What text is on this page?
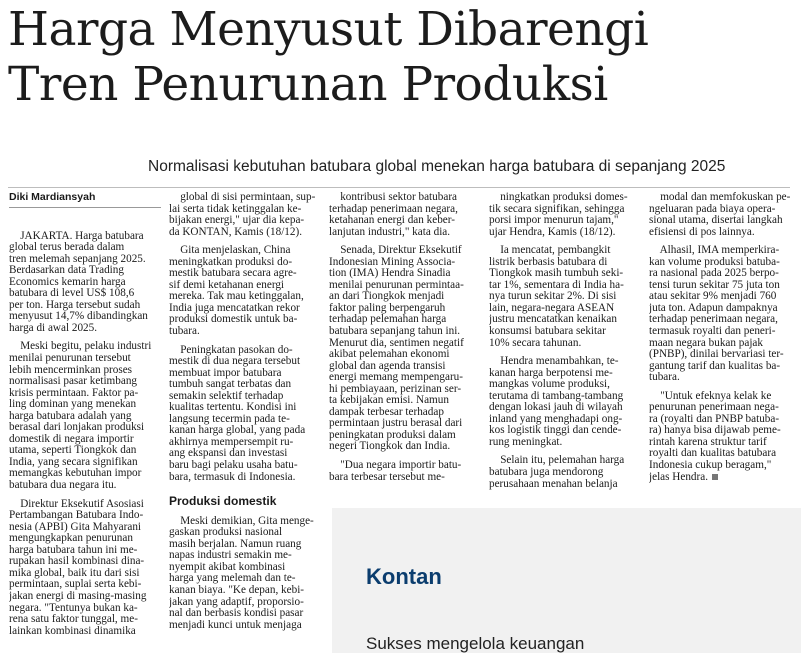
Harga Menyusut Dibarengi
Tren Penurunan Produksi
Normalisasi kebutuhan batubara global menekan harga batubara di sepanjang 2025
Diki Mardiansyah
JAKARTA. Harga batubara
global terus berada dalam
tren melemah sepanjang 2025.
Berdasarkan data Trading
Economics kemarin harga
batubara di level US$ 108,6
per ton. Harga tersebut sudah
menyusut 14,7% dibandingkan
harga di awal 2025.
Meski begitu, pelaku industri
menilai penurunan tersebut
lebih mencerminkan proses
normalisasi pasar ketimbang
krisis permintaan. Faktor pa-
ling dominan yang menekan
harga batubara adalah yang
berasal dari lonjakan produksi
domestik di negara importir
utama, seperti Tiongkok dan
India, yang secara signifikan
memangkas kebutuhan impor
batubara dua negara itu.
Direktur Eksekutif Asosiasi
Pertambangan Batubara Indo-
nesia (APBI) Gita Mahyarani
mengungkapkan penurunan
harga batubara tahun ini me-
rupakan hasil kombinasi dina-
mika global, baik itu dari sisi
permintaan, suplai serta kebi-
jakan energi di masing-masing
negara. "Tentunya bukan ka-
rena satu faktor tunggal, me-
lainkan kombinasi dinamika
global di sisi permintaan, sup-
lai serta tidak ketinggalan ke-
bijakan energi," ujar dia kepa-
da KONTAN, Kamis (18/12).
Gita menjelaskan, China
meningkatkan produksi do-
mestik batubara secara agre-
sif demi ketahanan energi
mereka. Tak mau ketinggalan,
India juga mencatatkan rekor
produksi domestik untuk ba-
tubara.
Peningkatan pasokan do-
mestik di dua negara tersebut
membuat impor batubara
tumbuh sangat terbatas dan
semakin selektif terhadap
kualitas tertentu. Kondisi ini
langsung tecermin pada te-
kanan harga global, yang pada
akhirnya mempersempit ru-
ang ekspansi dan investasi
baru bagi pelaku usaha batu-
bara, termasuk di Indonesia.
Produksi domestik
Meski demikian, Gita menge-
gaskan produksi nasional
masih berjalan. Namun ruang
napas industri semakin me-
nyempit akibat kombinasi
harga yang melemah dan te-
kanan biaya. "Ke depan, kebi-
jakan yang adaptif, proporsio-
nal dan berbasis kondisi pasar
menjadi kunci untuk menjaga
kontribusi sektor batubara
terhadap penerimaan negara,
ketahanan energi dan keber-
lanjutan industri," kata dia.
Senada, Direktur Eksekutif
Indonesian Mining Associa-
tion (IMA) Hendra Sinadia
menilai penurunan permintaa-
an dari Tiongkok menjadi
faktor paling berpengaruh
terhadap pelemahan harga
batubara sepanjang tahun ini.
Menurut dia, sentimen negatif
akibat pelemahan ekonomi
global dan agenda transisi
energi memang mempengaru-
hi pembiayaan, perizinan ser-
ta kebijakan emisi. Namun
dampak terbesar terhadap
permintaan justru berasal dari
peningkatan produksi dalam
negeri Tiongkok dan India.
"Dua negara importir batu-
bara terbesar tersebut me-
ningkatkan produksi domes-
tik secara signifikan, sehingga
porsi impor menurun tajam,"
ujar Hendra, Kamis (18/12).
Ia mencatat, pembangkit
listrik berbasis batubara di
Tiongkok masih tumbuh seki-
tar 1%, sementara di India ha-
nya turun sekitar 2%. Di sisi
lain, negara-negara ASEAN
justru mencatatkan kenaikan
konsumsi batubara sekitar
10% secara tahunan.
Hendra menambahkan, te-
kanan harga berpotensi me-
mangkas volume produksi,
terutama di tambang-tambang
dengan lokasi jauh di wilayah
inland yang menghadapi ong-
kos logistik tinggi dan cende-
rung meningkat.
Selain itu, pelemahan harga
batubara juga mendorong
perusahaan menahan belanja
modal dan memfokuskan pe-
ngeluaran pada biaya opera-
sional utama, disertai langkah
efisiensi di pos lainnya.
Alhasil, IMA memperkira-
kan volume produksi batuba-
ra nasional pada 2025 berpo-
tensi turun sekitar 75 juta ton
atau sekitar 9% menjadi 760
juta ton. Adapun dampaknya
terhadap penerimaan negara,
termasuk royalti dan peneri-
maan negara bukan pajak
(PNBP), dinilai bervariasi ter-
gantung tarif dan kualitas ba-
tubara.
"Untuk efeknya kelak ke
penurunan penerimaan nega-
ra (royalti dan PNBP batuba-
ra) hanya bisa dijawab peme-
rintah karena struktur tarif
royalti dan kualitas batubara
Indonesia cukup beragam,"
jelas Hendra.
Kontan
Sukses mengelola keuangan
